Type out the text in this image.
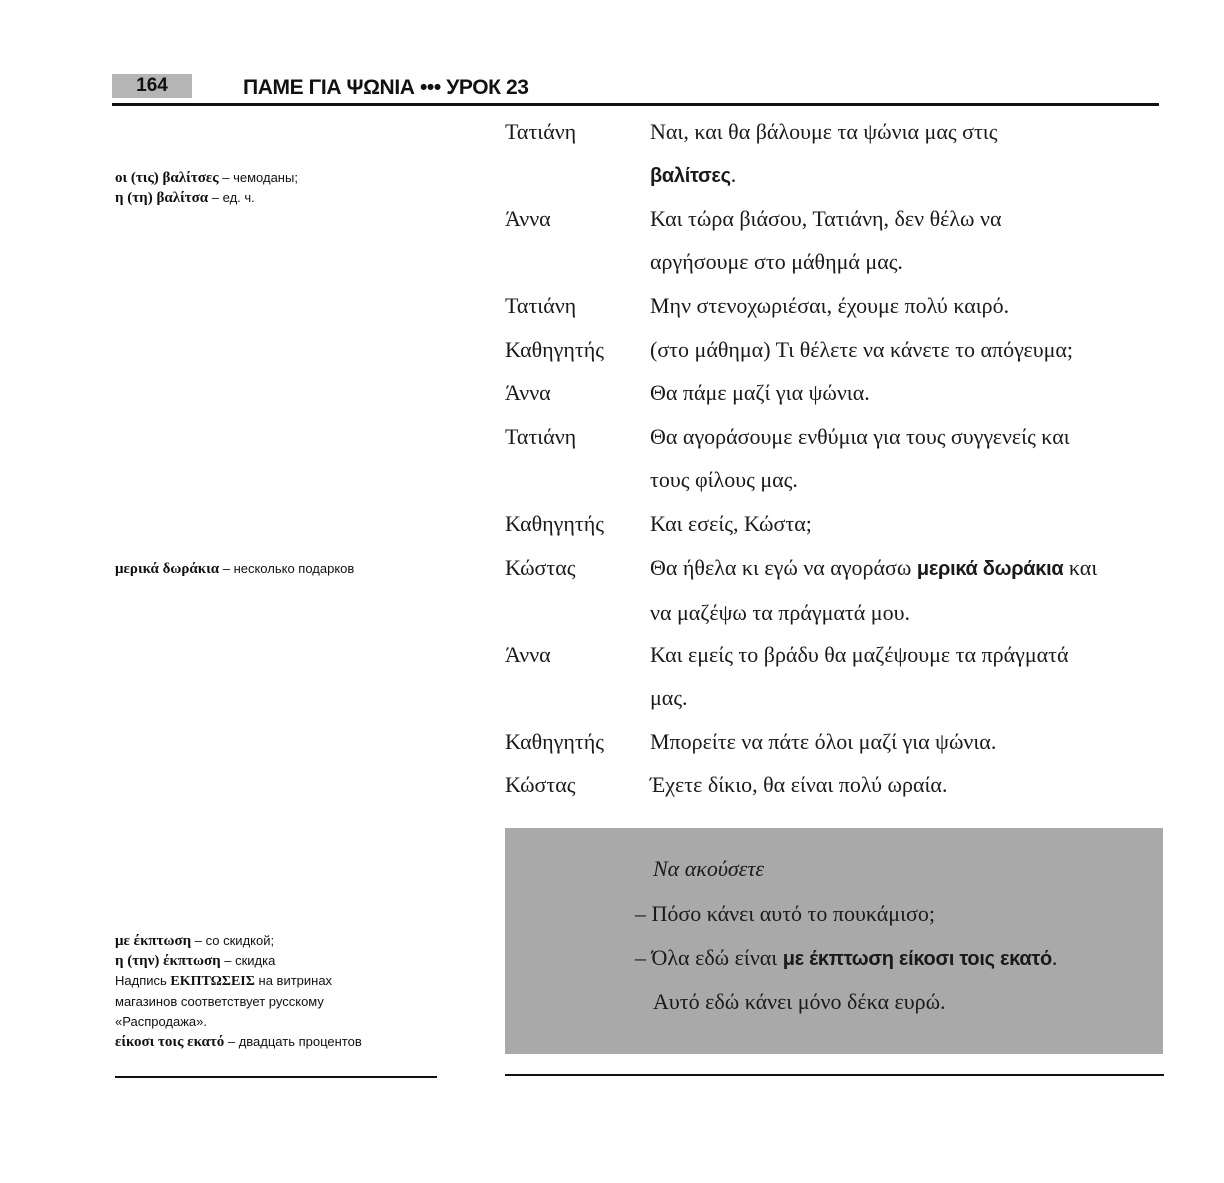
164	ΠΑΜΕ ΓΙΑ ΨΩΝΙΑ ••• УРОК 23
οι (τις) βαλίτσες – чемоданы;
η (τη) βαλίτσα – ед. ч.
μερικά δωράκια – несколько подарков
με έκπτωση – со скидкой;
η (την) έκπτωση – скидка
Надпись ΕΚΠΤΩΣΕΙΣ на витринах
магазинов соответствует русскому
«Распродажа».
είκοσι τοις εκατό – двадцать процентов
Τατιάνη	Ναι, και θα βάλουμε τα ψώνια μας στις
βαλίτσες.
Άννα	Και τώρα βιάσου, Τατιάνη, δεν θέλω να
αργήσουμε στο μάθημά μας.
Τατιάνη	Μην στενοχωριέσαι, έχουμε πολύ καιρό.
Καθηγητής	(στο μάθημα) Τι θέλετε να κάνετε το απόγευμα;
Άννα	Θα πάμε μαζί για ψώνια.
Τατιάνη	Θα αγοράσουμε ενθύμια για τους συγγενείς και
τους φίλους μας.
Καθηγητής	Και εσείς, Κώστα;
Κώστας	Θα ήθελα κι εγώ να αγοράσω μερικά δωράκια και
να μαζέψω τα πράγματά μου.
Άννα	Και εμείς το βράδυ θα μαζέψουμε τα πράγματά
μας.
Καθηγητής	Μπορείτε να πάτε όλοι μαζί για ψώνια.
Κώστας	Έχετε δίκιο, θα είναι πολύ ωραία.
Να ακούσετε
– Πόσο κάνει αυτό το πουκάμισο;
– Όλα εδώ είναι με έκπτωση είκοσι τοις εκατό.
Αυτό εδώ κάνει μόνο δέκα ευρώ.
